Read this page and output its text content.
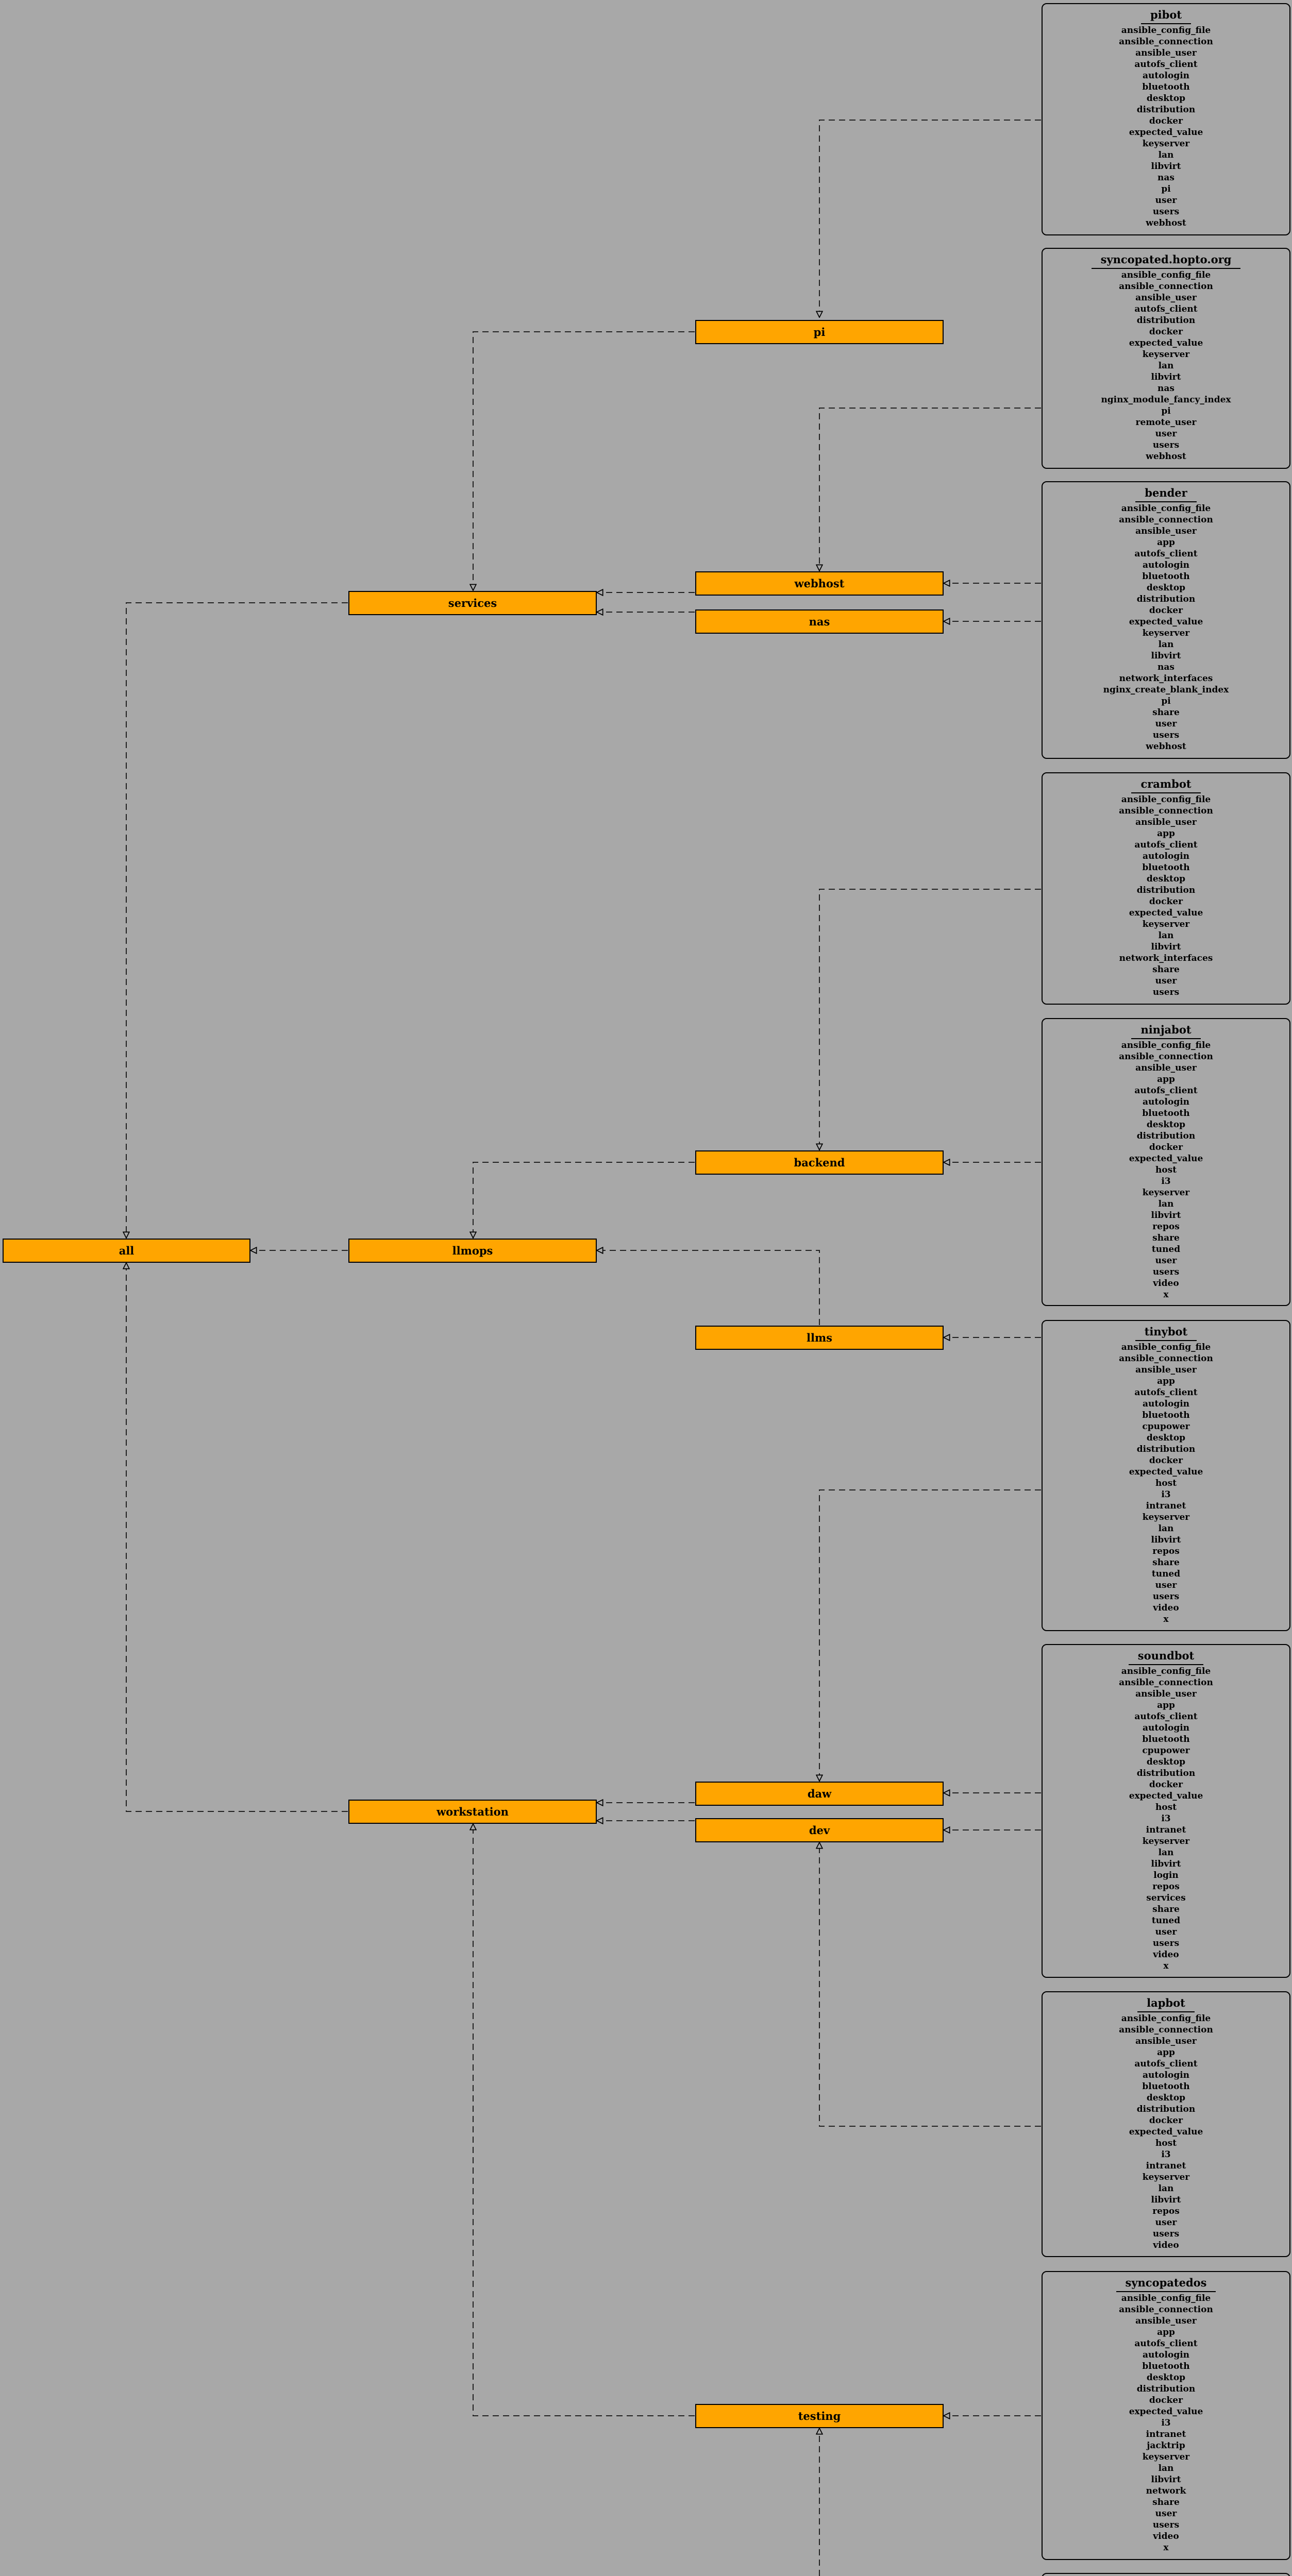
all
services
llmops
workstation
pi
webhost
nas
backend
llms
daw
dev
testing
pibot
ansible_config_file
ansible_connection
ansible_user
autofs_client
autologin
bluetooth
desktop
distribution
docker
expected_value
keyserver
lan
libvirt
nas
pi
user
users
webhost
syncopated.hopto.org
ansible_config_file
ansible_connection
ansible_user
autofs_client
distribution
docker
expected_value
keyserver
lan
libvirt
nas
nginx_module_fancy_index
pi
remote_user
user
users
webhost
bender
ansible_config_file
ansible_connection
ansible_user
app
autofs_client
autologin
bluetooth
desktop
distribution
docker
expected_value
keyserver
lan
libvirt
nas
network_interfaces
nginx_create_blank_index
pi
share
user
users
webhost
crambot
ansible_config_file
ansible_connection
ansible_user
app
autofs_client
autologin
bluetooth
desktop
distribution
docker
expected_value
keyserver
lan
libvirt
network_interfaces
share
user
users
ninjabot
ansible_config_file
ansible_connection
ansible_user
app
autofs_client
autologin
bluetooth
desktop
distribution
docker
expected_value
host
i3
keyserver
lan
libvirt
repos
share
tuned
user
users
video
x
tinybot
ansible_config_file
ansible_connection
ansible_user
app
autofs_client
autologin
bluetooth
cpupower
desktop
distribution
docker
expected_value
host
i3
intranet
keyserver
lan
libvirt
repos
share
tuned
user
users
video
x
soundbot
ansible_config_file
ansible_connection
ansible_user
app
autofs_client
autologin
bluetooth
cpupower
desktop
distribution
docker
expected_value
host
i3
intranet
keyserver
lan
libvirt
login
repos
services
share
tuned
user
users
video
x
lapbot
ansible_config_file
ansible_connection
ansible_user
app
autofs_client
autologin
bluetooth
desktop
distribution
docker
expected_value
host
i3
intranet
keyserver
lan
libvirt
repos
user
users
video
syncopatedos
ansible_config_file
ansible_connection
ansible_user
app
autofs_client
autologin
bluetooth
desktop
distribution
docker
expected_value
i3
intranet
jacktrip
keyserver
lan
libvirt
network
share
user
users
video
x
